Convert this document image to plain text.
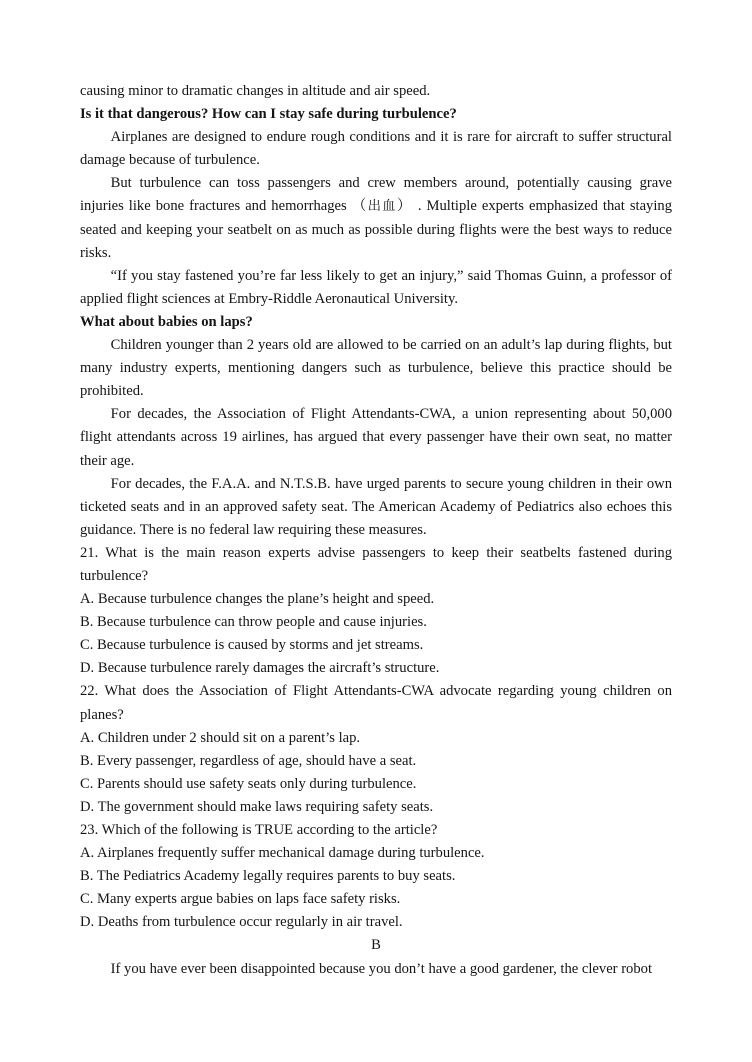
causing minor to dramatic changes in altitude and air speed.

Is it that dangerous? How can I stay safe during turbulence?

Airplanes are designed to endure rough conditions and it is rare for aircraft to suffer structural damage because of turbulence.

But turbulence can toss passengers and crew members around, potentially causing grave injuries like bone fractures and hemorrhages （出血） . Multiple experts emphasized that staying seated and keeping your seatbelt on as much as possible during flights were the best ways to reduce risks.

“If you stay fastened you’re far less likely to get an injury,” said Thomas Guinn, a professor of applied flight sciences at Embry-Riddle Aeronautical University.

What about babies on laps?

Children younger than 2 years old are allowed to be carried on an adult’s lap during flights, but many industry experts, mentioning dangers such as turbulence, believe this practice should be prohibited.

For decades, the Association of Flight Attendants-CWA, a union representing about 50,000 flight attendants across 19 airlines, has argued that every passenger have their own seat, no matter their age.

For decades, the F.A.A. and N.T.S.B. have urged parents to secure young children in their own ticketed seats and in an approved safety seat. The American Academy of Pediatrics also echoes this guidance. There is no federal law requiring these measures.

21. What is the main reason experts advise passengers to keep their seatbelts fastened during turbulence?

A. Because turbulence changes the plane’s height and speed.

B. Because turbulence can throw people and cause injuries.

C. Because turbulence is caused by storms and jet streams.

D. Because turbulence rarely damages the aircraft’s structure.

22. What does the Association of Flight Attendants-CWA advocate regarding young children on planes?

A. Children under 2 should sit on a parent’s lap.

B. Every passenger, regardless of age, should have a seat.

C. Parents should use safety seats only during turbulence.

D. The government should make laws requiring safety seats.

23. Which of the following is TRUE according to the article?

A. Airplanes frequently suffer mechanical damage during turbulence.

B. The Pediatrics Academy legally requires parents to buy seats.

C. Many experts argue babies on laps face safety risks.

D. Deaths from turbulence occur regularly in air travel.

B

If you have ever been disappointed because you don’t have a good gardener, the clever robot
